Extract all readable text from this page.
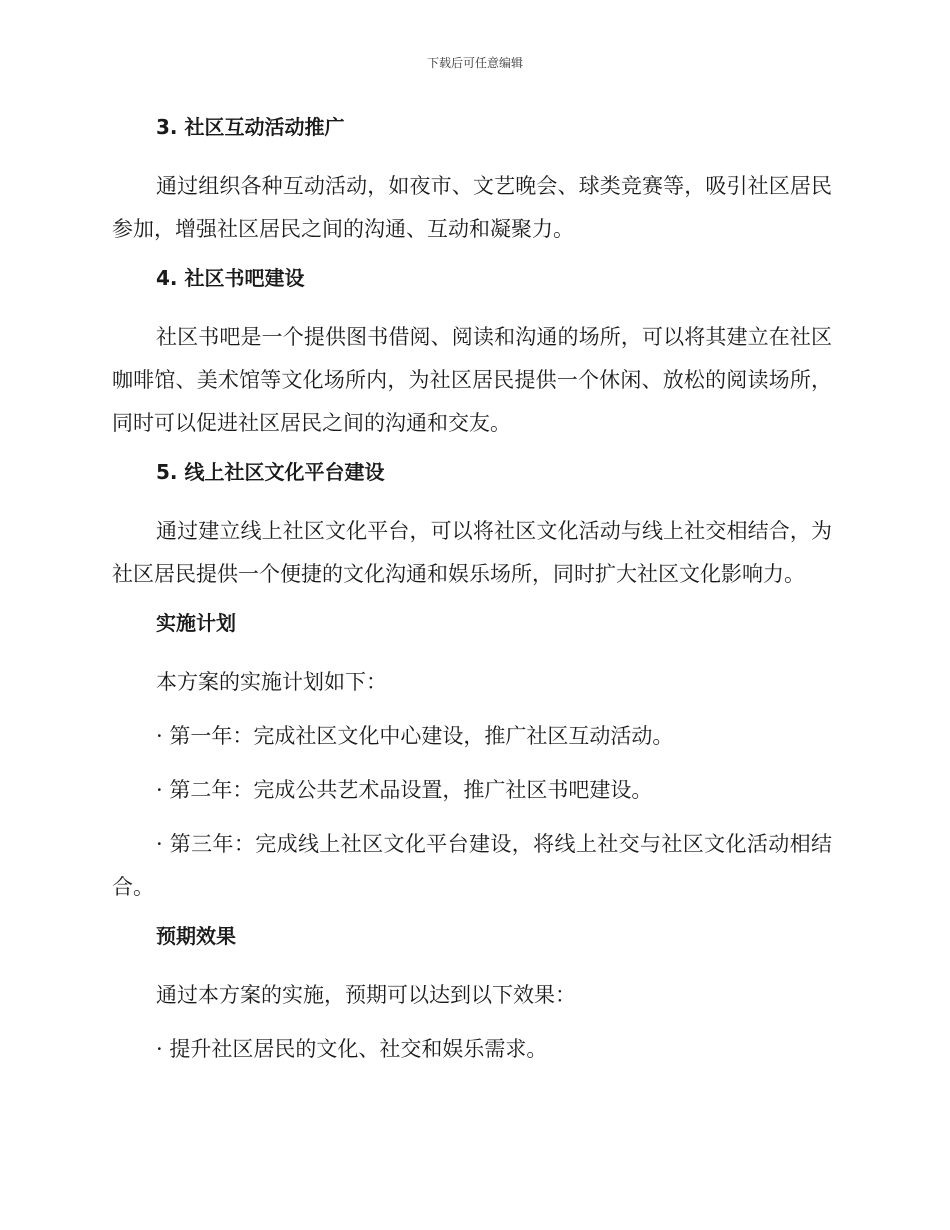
下载后可任意编辑
3. 社区互动活动推广

通过组织各种互动活动，如夜市、文艺晚会、球类竞赛等，吸引社区居民参加，增强社区居民之间的沟通、互动和凝聚力。

4. 社区书吧建设

社区书吧是一个提供图书借阅、阅读和沟通的场所，可以将其建立在社区咖啡馆、美术馆等文化场所内，为社区居民提供一个休闲、放松的阅读场所，同时可以促进社区居民之间的沟通和交友。

5. 线上社区文化平台建设

通过建立线上社区文化平台，可以将社区文化活动与线上社交相结合，为社区居民提供一个便捷的文化沟通和娱乐场所，同时扩大社区文化影响力。

实施计划

本方案的实施计划如下：

· 第一年：完成社区文化中心建设，推广社区互动活动。

· 第二年：完成公共艺术品设置，推广社区书吧建设。

· 第三年：完成线上社区文化平台建设，将线上社交与社区文化活动相结合。

预期效果

通过本方案的实施，预期可以达到以下效果：

· 提升社区居民的文化、社交和娱乐需求。
